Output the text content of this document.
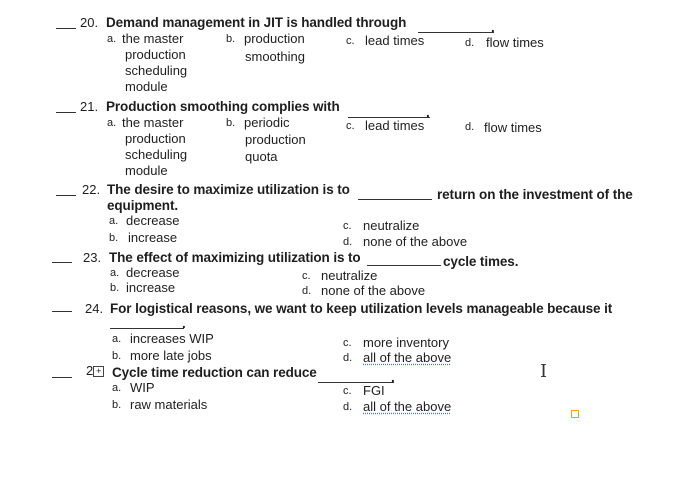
20. Demand management in JIT is handled through	.
a. the master
production
scheduling
module
b. production
smoothing
c. lead times	d. flow times
21. Production smoothing complies with	.
a. the master
production
scheduling
module
b. periodic
production
quota
c. lead times	d. flow times
22. The desire to maximize utilization is to	return on the investment of the
equipment.
a. decrease
b. increase
c. neutralize
d. none of the above
23. The effect of maximizing utilization is to	cycle times.
a. decrease
b. increase
c. neutralize
d. none of the above
24. For logistical reasons, we want to keep utilization levels manageable because it
.
a. increases WIP
b. more late jobs
c. more inventory
d. all of the above
2 + Cycle time reduction can reduce	.
a. WIP
b. raw materials
c. FGI
d. all of the above
I
